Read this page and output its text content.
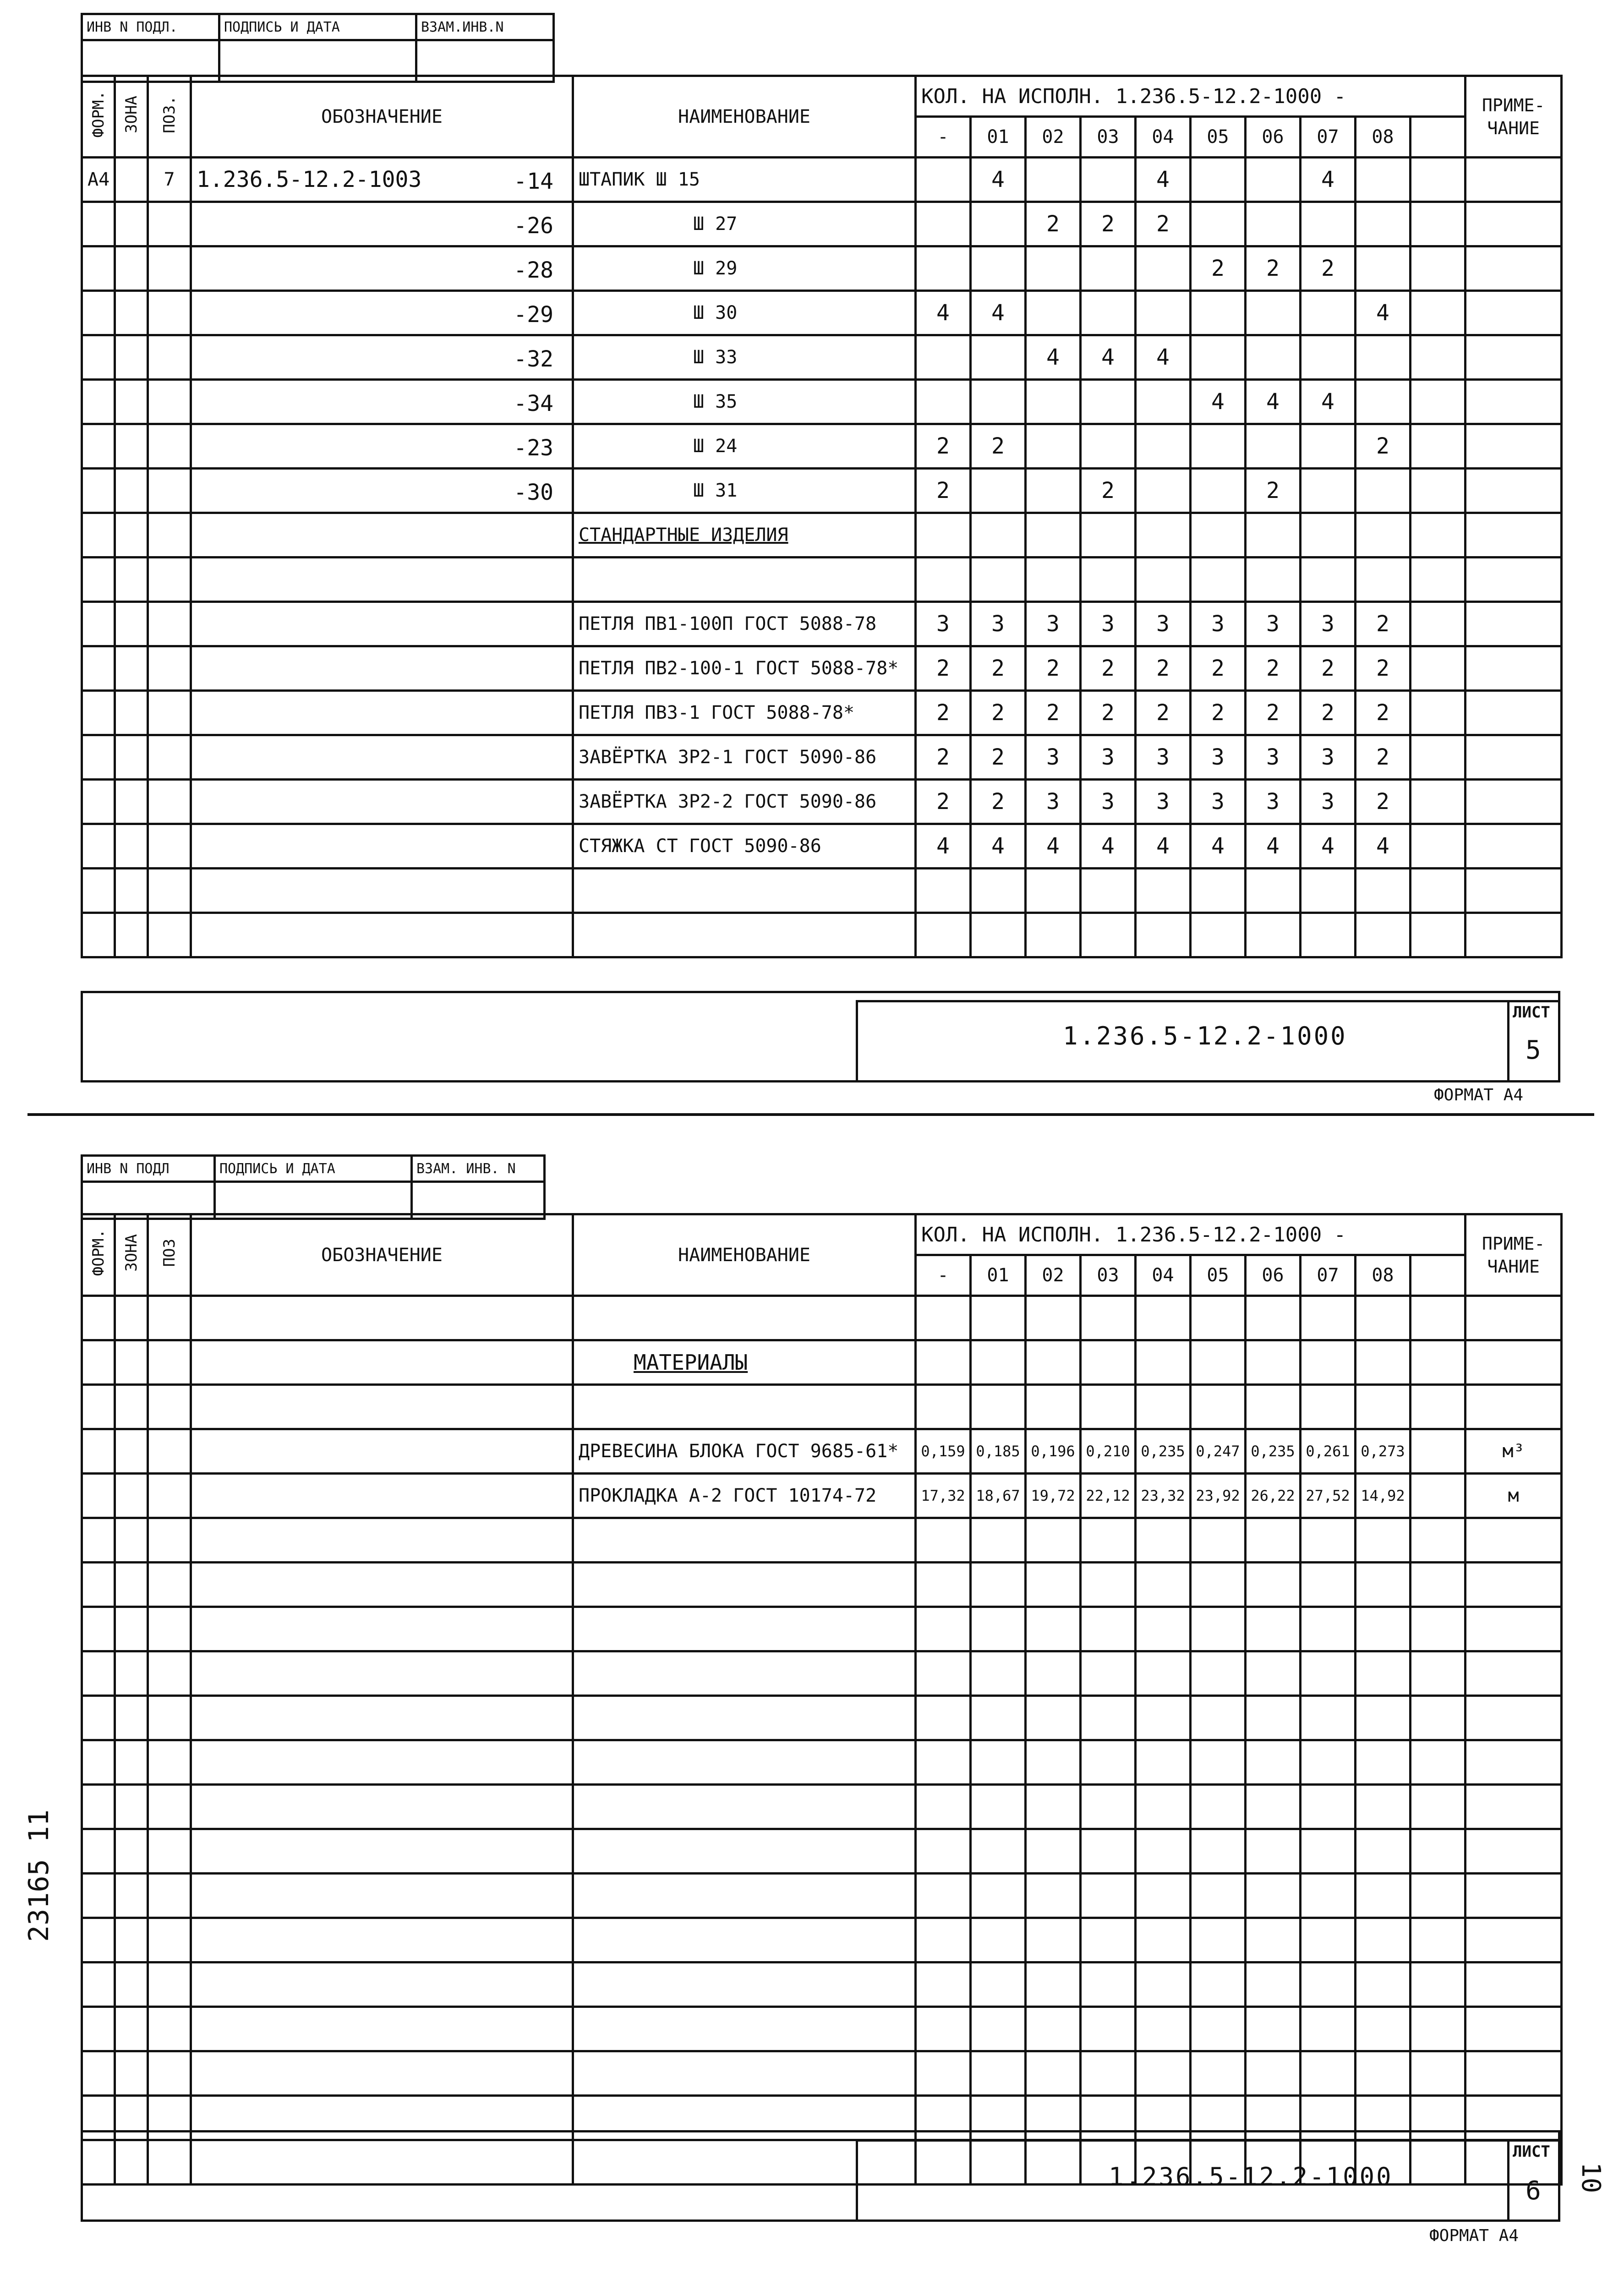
ИНВ N ПОДЛ.	ПОДПИСЬ И ДАТА	ВЗАМ.ИНВ.N

ФОРМ.	ЗОНА	ПОЗ.	ОБОЗНАЧЕНИЕ	НАИМЕНОВАНИЕ	КОЛ. НА ИСПОЛН. 1.236.5-12.2-1000 -										ПРИМЕ- ЧАНИЕ
					-	01	02	03	04	05	06	07	08		
А4		7	1.236.5-12.2-1003 -14	ШТАПИК Ш 15		4			4			4			

			-26	Ш 27			2	2	2						

			-28	Ш 29						2	2	2			

			-29	Ш 30	4	4							4		

			-32	Ш 33			4	4	4						

			-34	Ш 35						4	4	4			

			-23	Ш 24	2	2							2		

			-30	Ш 31	2			2			2				

	СТАНДАРТНЫЕ ИЗДЕЛИЯ											

	ПЕТЛЯ ПВ1-100П ГОСТ 5088-78	3	3	3	3	3	3	3	3	2		

	ПЕТЛЯ ПВ2-100-1 ГОСТ 5088-78*	2	2	2	2	2	2	2	2	2		

	ПЕТЛЯ ПВ3-1 ГОСТ 5088-78*	2	2	2	2	2	2	2	2	2		

	ЗАВЁРТКА ЗР2-1 ГОСТ 5090-86	2	2	3	3	3	3	3	3	2		

	ЗАВЁРТКА ЗР2-2 ГОСТ 5090-86	2	2	3	3	3	3	3	3	2		

	СТЯЖКА СТ ГОСТ 5090-86	4	4	4	4	4	4	4	4	4		

1.236.5-12.2-1000
ЛИСТ
5
ФОРМАТ А4
ИНВ N ПОДЛ	ПОДПИСЬ И ДАТА	ВЗАМ. ИНВ. N

ФОРМ.	ЗОНА	ПОЗ	ОБОЗНАЧЕНИЕ	НАИМЕНОВАНИЕ	КОЛ. НА ИСПОЛН. 1.236.5-12.2-1000 -										ПРИМЕ- ЧАНИЕ
					-	01	02	03	04	05	06	07	08		

				МАТЕРИАЛЫ											

				ДРЕВЕСИНА БЛОКА ГОСТ 9685-61*	0,159	0,185	0,196	0,210	0,235	0,247	0,235	0,261	0,273		м³
				ПРОКЛАДКА А-2 ГОСТ 10174-72	17,32	18,67	19,72	22,12	23,32	23,92	26,22	27,52	14,92		м

1.236.5-12.2-1000
ЛИСТ
6
ФОРМАТ А4
23165 11
10
